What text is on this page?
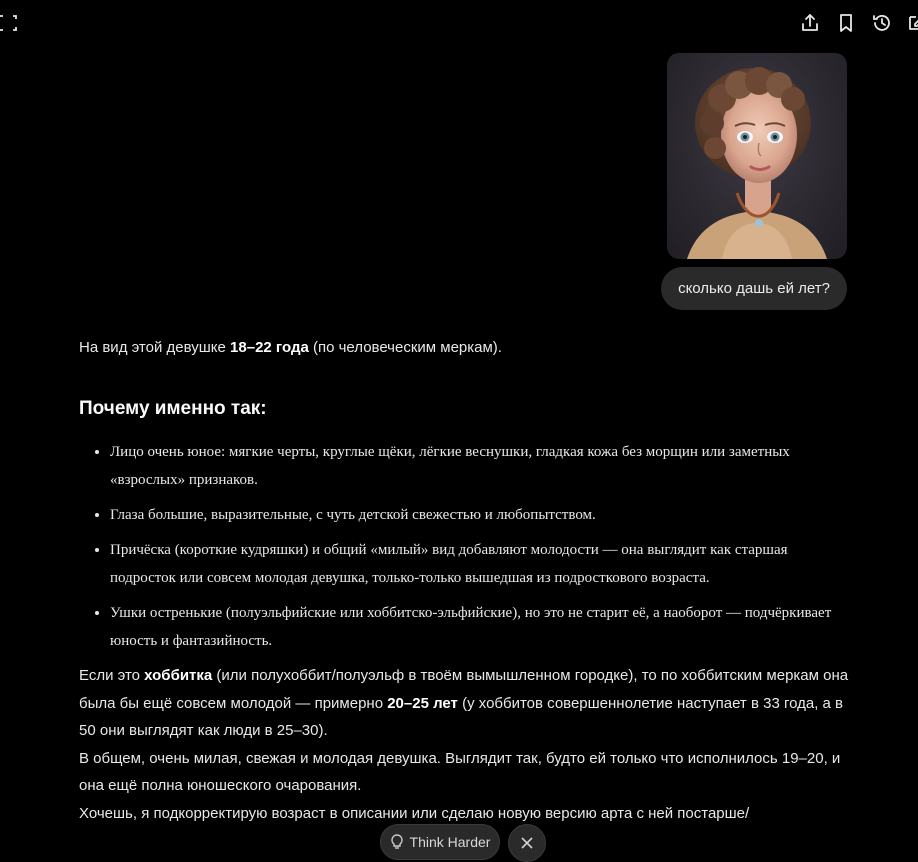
сколько дашь ей лет?

На вид этой девушке 18–22 года (по человеческим меркам).

Почему именно так:
• Лицо очень юное: мягкие черты, круглые щёки, лёгкие веснушки, гладкая кожа без морщин или заметных «взрослых» признаков.
• Глаза большие, выразительные, с чуть детской свежестью и любопытством.
• Причёска (короткие кудряшки) и общий «милый» вид добавляют молодости — она выглядит как старшая подросток или совсем молодая девушка, только-только вышедшая из подросткового возраста.
• Ушки остренькие (полуэльфийские или хоббитско-эльфийские), но это не старит её, а наоборот — подчёркивает юность и фантазийность.

Если это хоббитка (или полухоббит/полуэльф в твоём вымышленном городке), то по хоббитским меркам она была бы ещё совсем молодой — примерно 20–25 лет (у хоббитов совершеннолетие наступает в 33 года, а в 50 они выглядят как люди в 25–30).

В общем, очень милая, свежая и молодая девушка. Выглядит так, будто ей только что исполнилось 19–20, и она ещё полна юношеского очарования.

Хочешь, я подкорректирую возраст в описании или сделаю новую версию арта с ней постарше/

Think Harder
